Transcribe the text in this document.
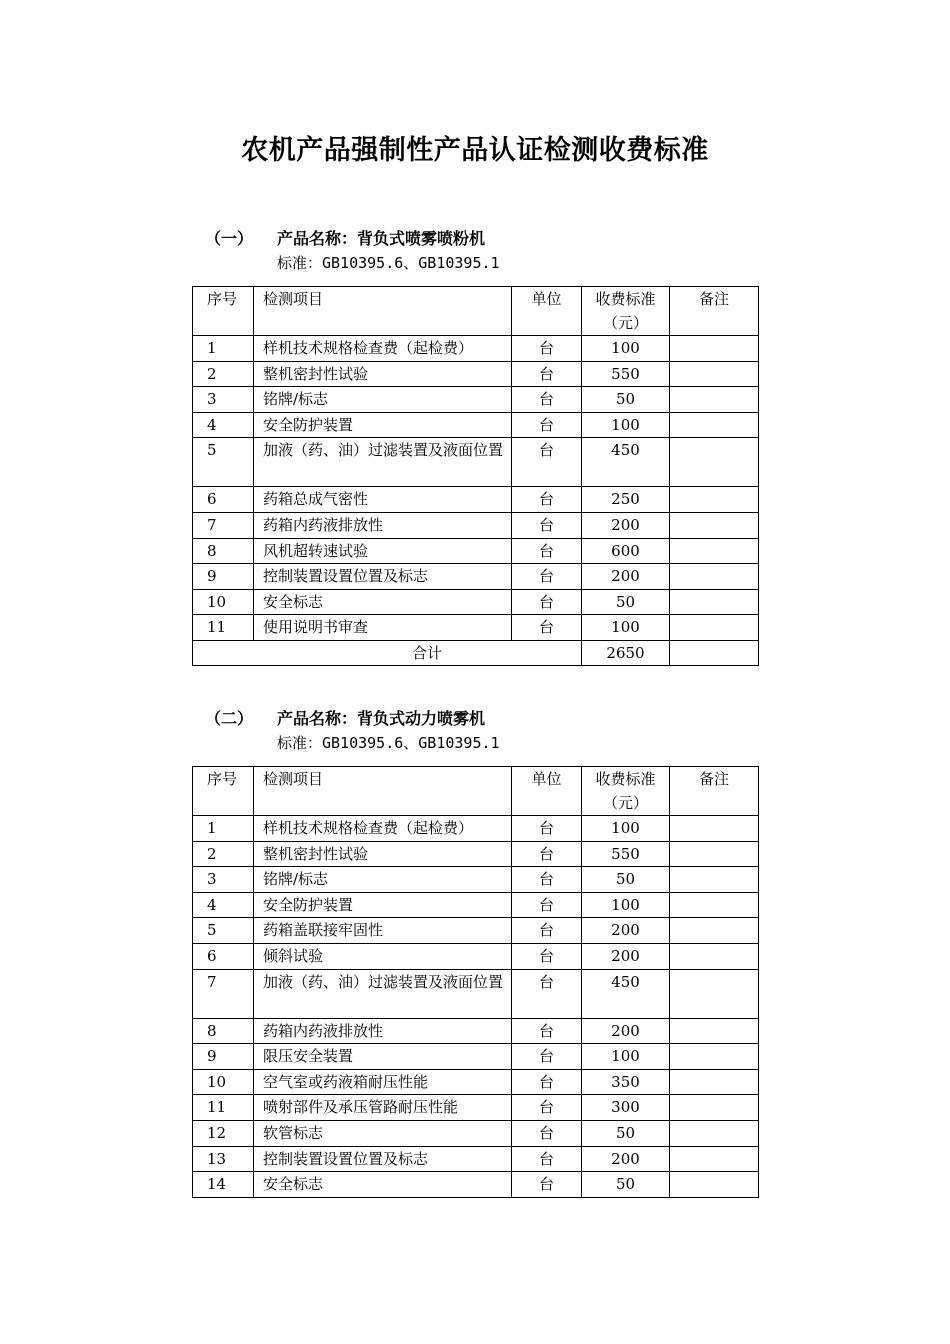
农机产品强制性产品认证检测收费标准
（一） 产品名称：背负式喷雾喷粉机
标准：GB10395.6、GB10395.1
序号	检测项目	单位	收费标准（元）	备注
1	样机技术规格检查费（起检费）	台	100	
2	整机密封性试验	台	550	
3	铭牌/标志	台	50	
4	安全防护装置	台	100	
5	加液（药、油）过滤装置及液面位置	台	450	
6	药箱总成气密性	台	250	
7	药箱内药液排放性	台	200	
8	风机超转速试验	台	600	
9	控制装置设置位置及标志	台	200	
10	安全标志	台	50	
11	使用说明书审查	台	100	
合计			2650	
（二） 产品名称：背负式动力喷雾机
标准：GB10395.6、GB10395.1
序号	检测项目	单位	收费标准（元）	备注
1	样机技术规格检查费（起检费）	台	100	
2	整机密封性试验	台	550	
3	铭牌/标志	台	50	
4	安全防护装置	台	100	
5	药箱盖联接牢固性	台	200	
6	倾斜试验	台	200	
7	加液（药、油）过滤装置及液面位置	台	450	
8	药箱内药液排放性	台	200	
9	限压安全装置	台	100	
10	空气室或药液箱耐压性能	台	350	
11	喷射部件及承压管路耐压性能	台	300	
12	软管标志	台	50	
13	控制装置设置位置及标志	台	200	
14	安全标志	台	50	
